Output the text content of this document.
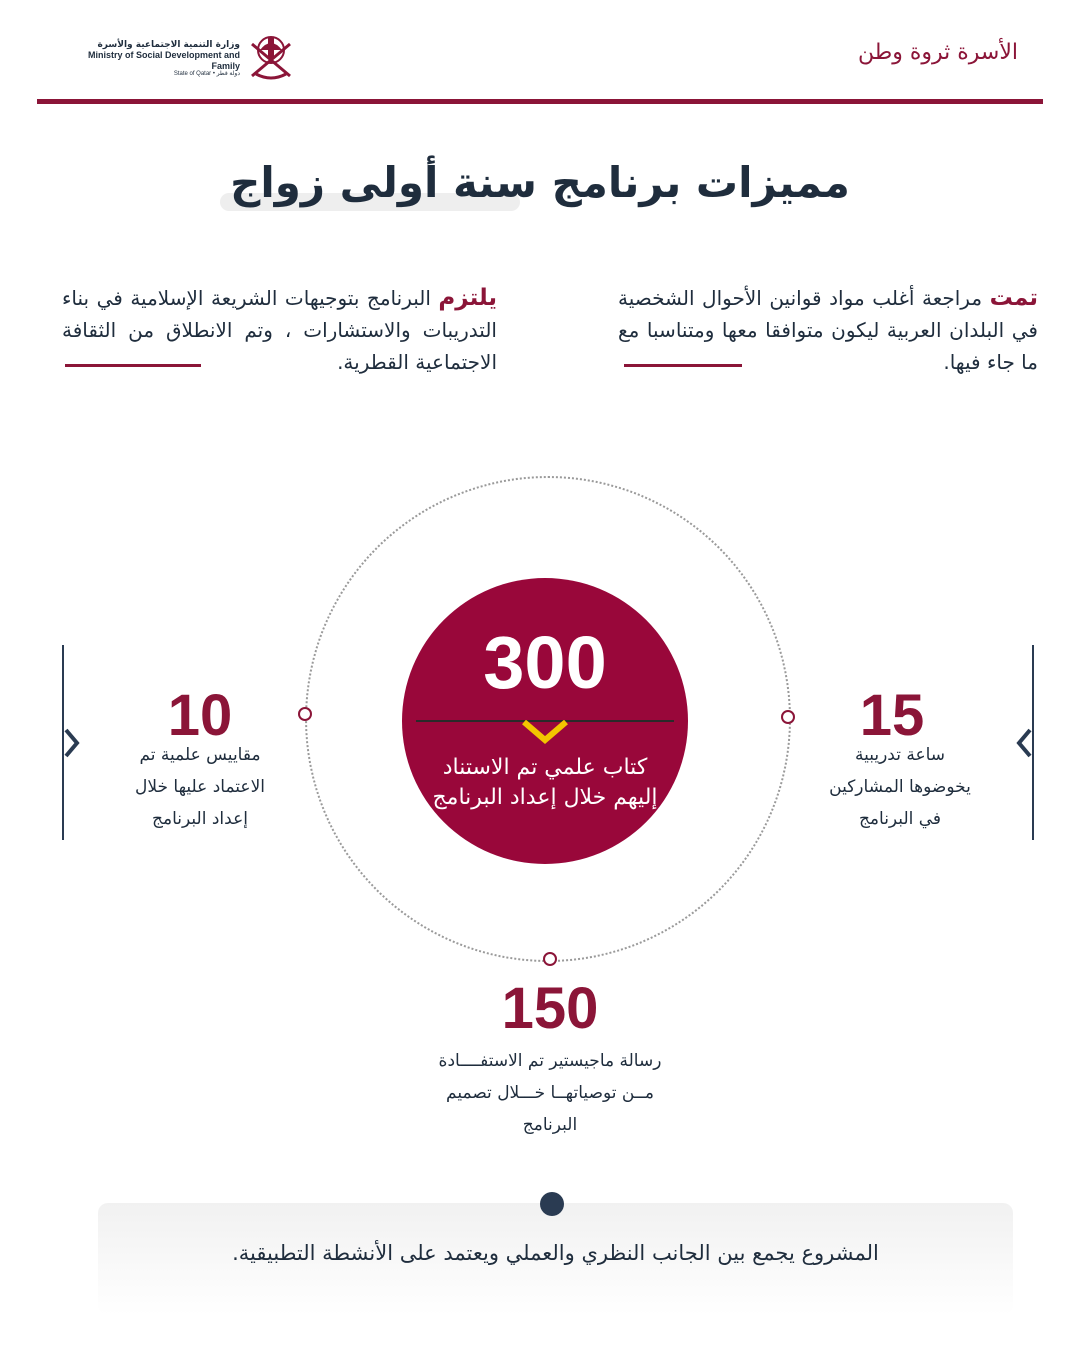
وزارة التنمية الاجتماعية والأسرة
Ministry of Social Development and Family
State of Qatar • دولة قطر
الأسرة ثروة وطن
مميزات برنامج سنة أولى زواج

تمت مراجعة أغلب مواد قوانين الأحوال الشخصية في البلدان العربية ليكون متوافقا معها ومتناسبا مع ما جاء فيها.

يلتزم البرنامج بتوجيهات الشريعة الإسلامية في بناء التدريبات والاستشارات ، وتم الانطلاق من الثقافة الاجتماعية القطرية.

300
كتاب علمي تم الاستناد إليهم خلال إعداد البرنامج
15
ساعة تدريبية
يخوضوها المشاركين
في البرنامج
10
مقاييس علمية تم
الاعتماد عليها خلال
إعداد البرنامج
150
رسالة ماجيستير تم الاستفــــادة
مــن توصياتهــا خـــلال تصميم
البرنامج
المشروع يجمع بين الجانب النظري والعملي ويعتمد على الأنشطة التطبيقية.
